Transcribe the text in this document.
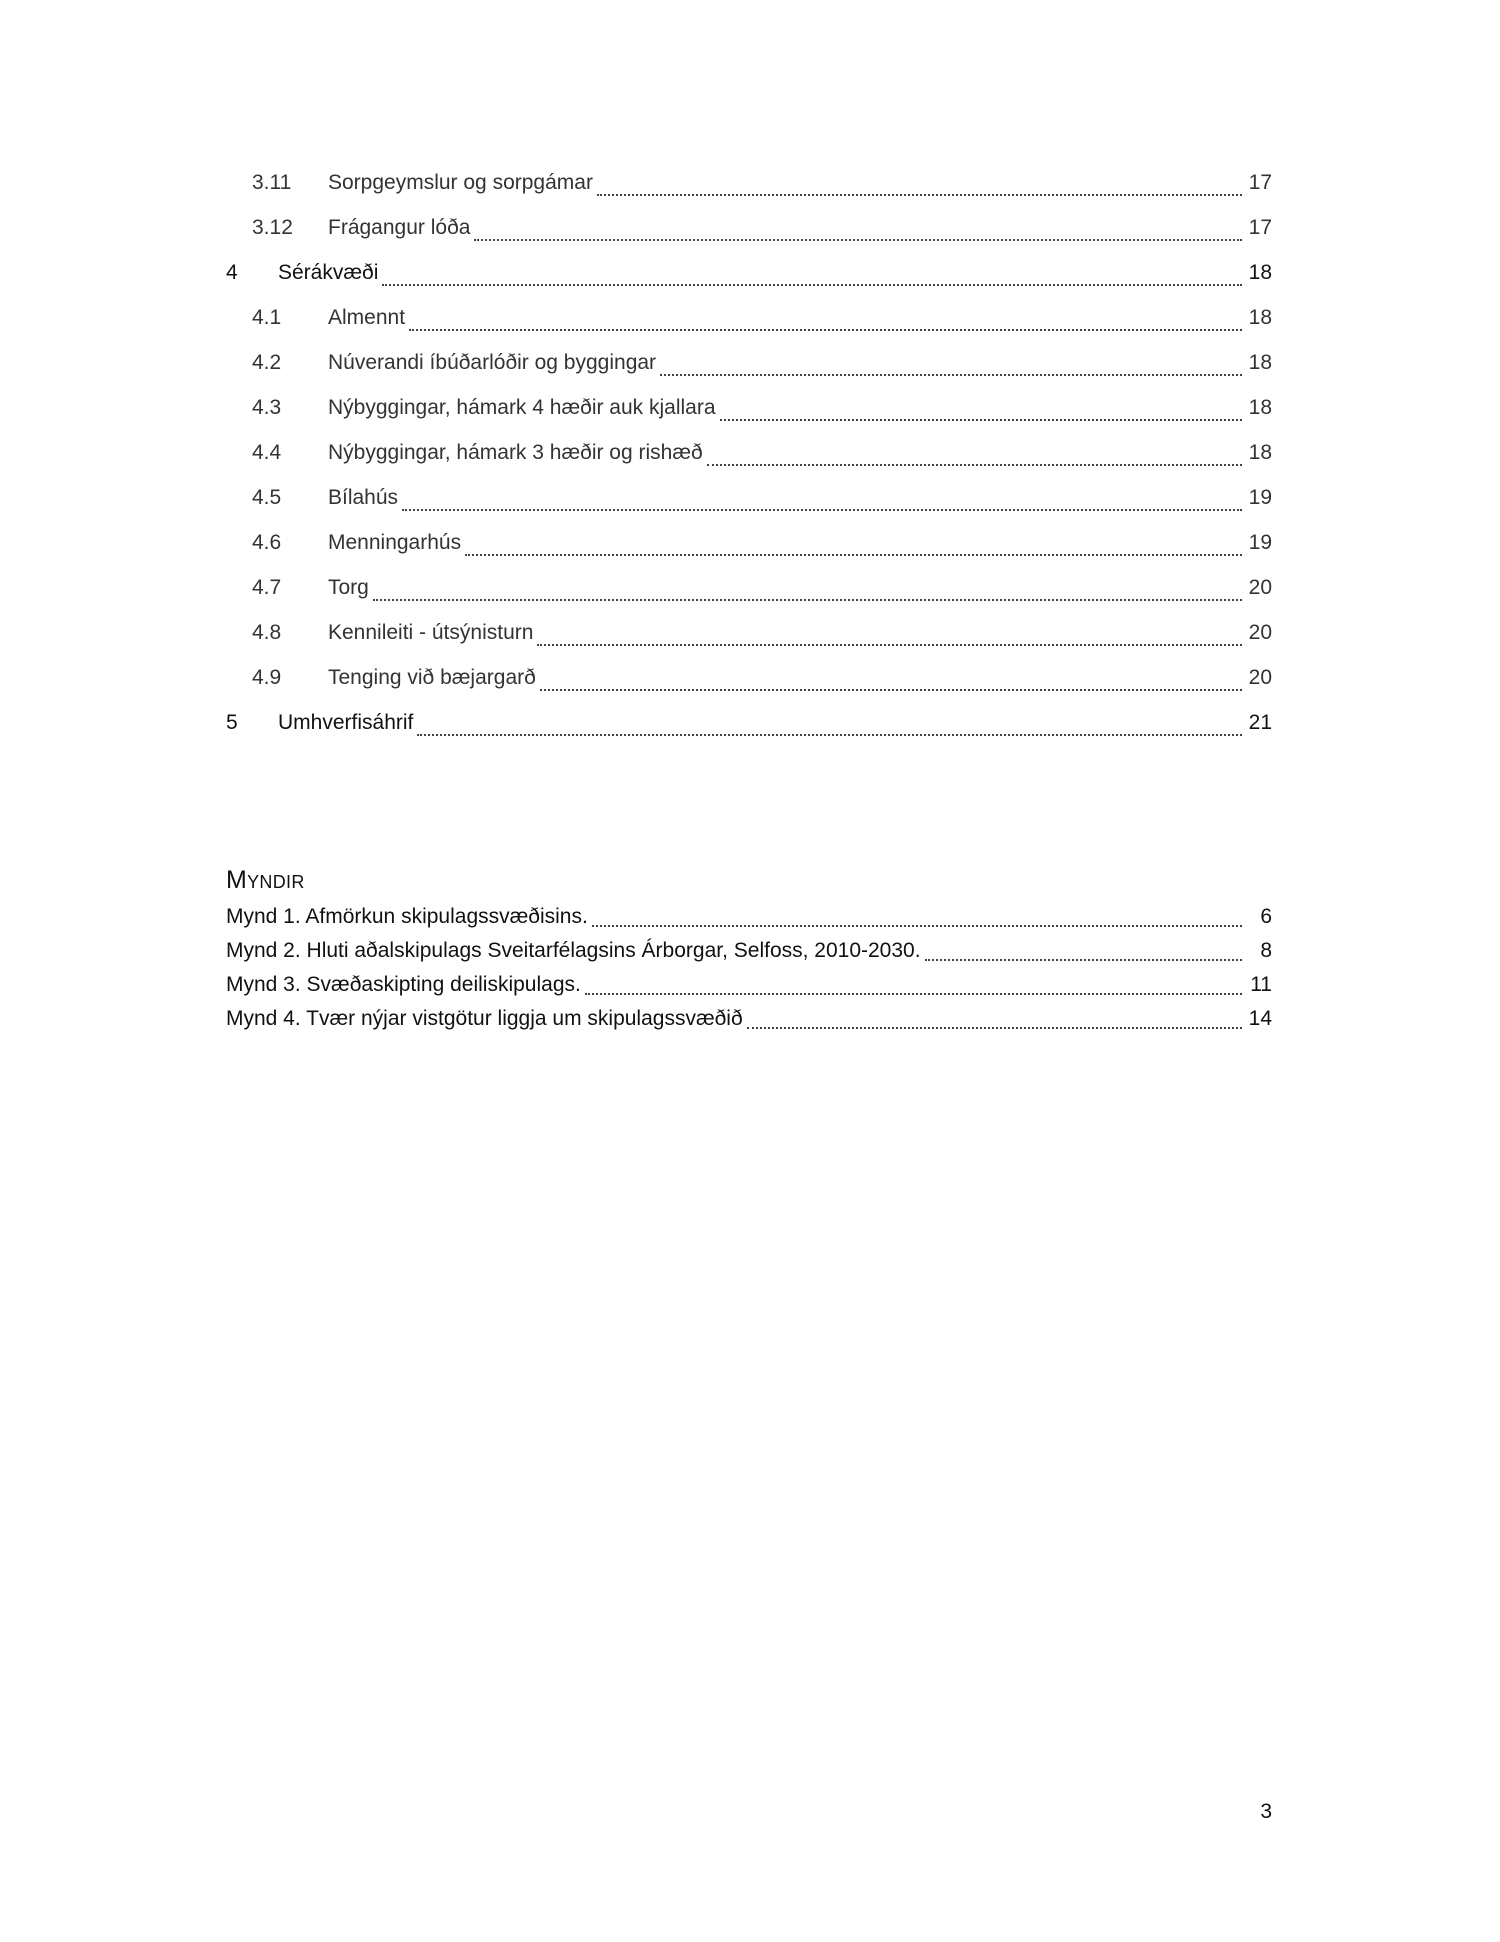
3.11	Sorpgeymslur og sorpgámar	17
3.12	Frágangur lóða	17
4	Sérákvæði	18
4.1	Almennt	18
4.2	Núverandi íbúðarlóðir og byggingar	18
4.3	Nýbyggingar, hámark 4 hæðir auk kjallara	18
4.4	Nýbyggingar, hámark 3 hæðir og rishæð	18
4.5	Bílahús	19
4.6	Menningarhús	19
4.7	Torg	20
4.8	Kennileiti - útsýnisturn	20
4.9	Tenging við bæjargarð	20
5	Umhverfisáhrif	21
Myndir
Mynd 1. Afmörkun skipulagssvæðisins.	6
Mynd 2. Hluti aðalskipulags Sveitarfélagsins Árborgar, Selfoss, 2010-2030.	8
Mynd 3. Svæðaskipting deiliskipulags.	11
Mynd 4. Tvær nýjar vistgötur liggja um skipulagssvæðið	14
3
